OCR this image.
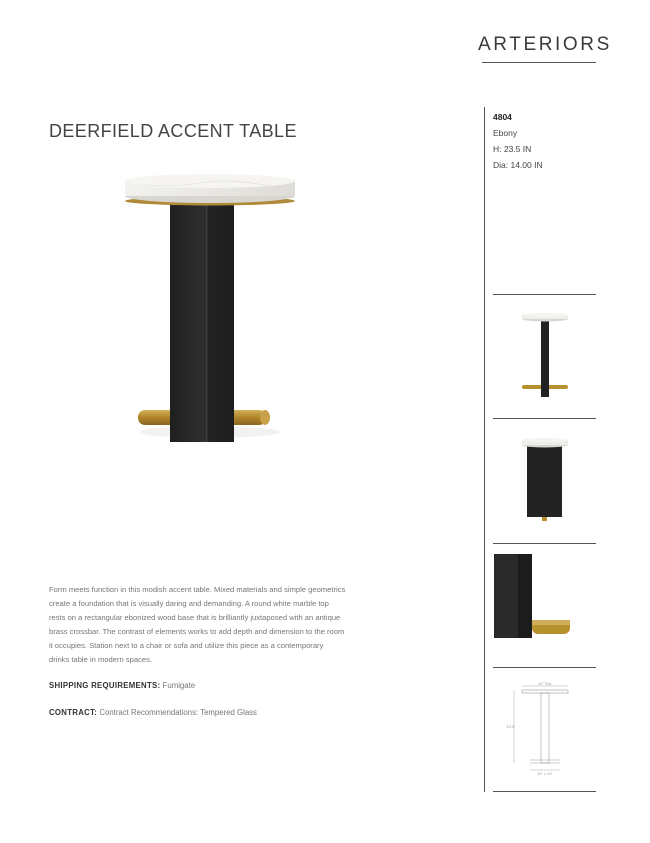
ARTERIORS
DEERFIELD ACCENT TABLE
Form meets function in this modish accent table. Mixed materials and simple geometrics
create a foundation that is visually daring and demanding. A round white marble top
rests on a rectangular ebonized wood base that is brilliantly juxtaposed with an antique
brass crossbar. The contrast of elements works to add depth and dimension to the room
it occupies. Station next to a chair or sofa and utilize this piece as a contemporary
drinks table in modern spaces.
SHIPPING REQUIREMENTS: Fumigate
CONTRACT: Contract Recommendations: Tempered Glass
4804
Ebony
H: 23.5 IN
Dia: 14.00 IN
14" Dia.
23.5"
10" x 10"
